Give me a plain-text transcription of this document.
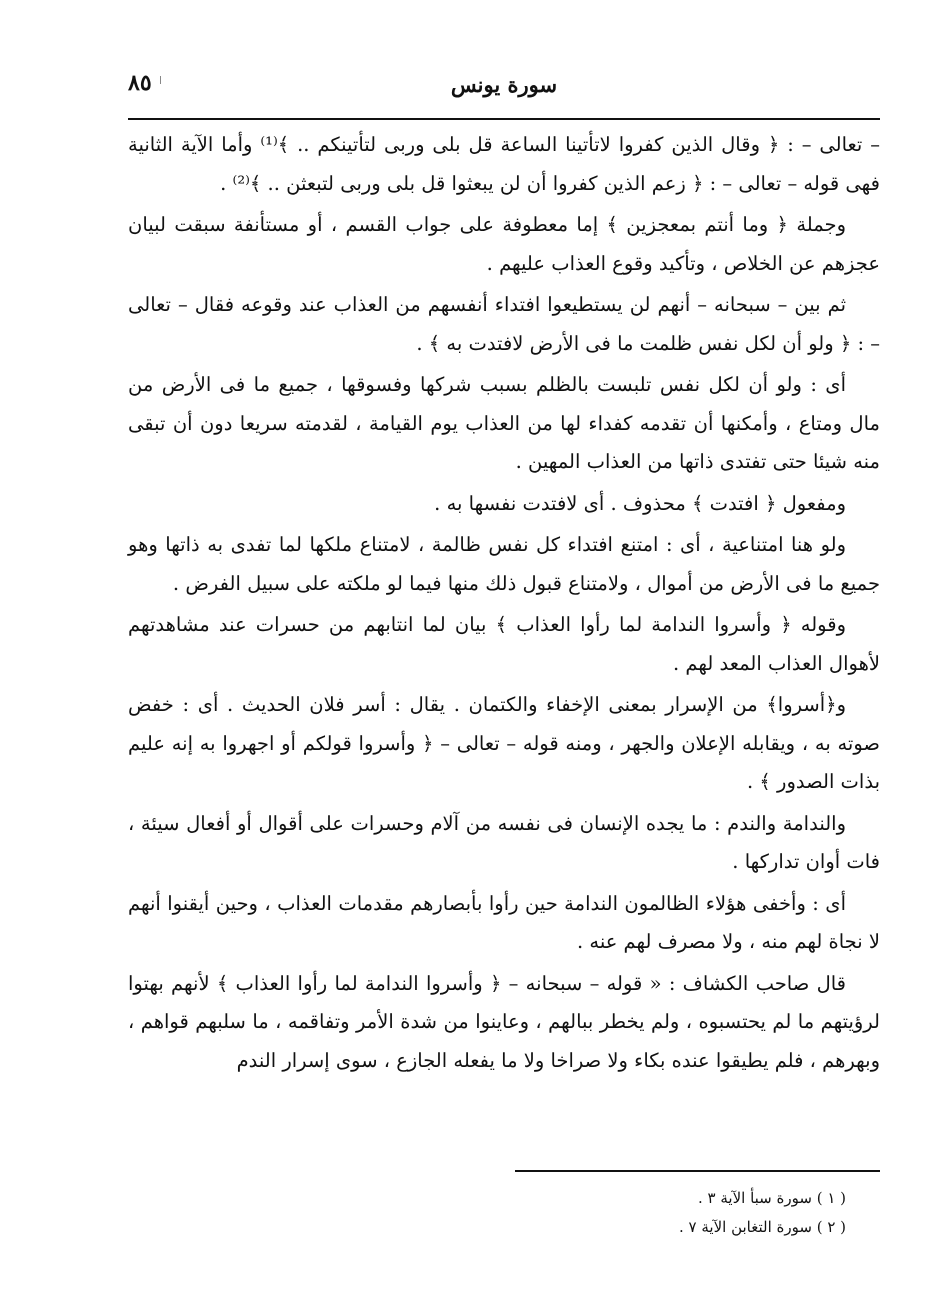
٨٥	سورة يونس

– تعالى – : ﴿ وقال الذين كفروا لاتأتينا الساعة قل بلى وربى لتأتينكم .. ﴾⁽¹⁾ وأما الآية الثانية فهى قوله – تعالى – : ﴿ زعم الذين كفروا أن لن يبعثوا قل بلى وربى لتبعثن .. ﴾⁽²⁾ .

وجملة ﴿ وما أنتم بمعجزين ﴾ إما معطوفة على جواب القسم ، أو مستأنفة سبقت لبيان عجزهم عن الخلاص ، وتأكيد وقوع العذاب عليهم .

ثم بين – سبحانه – أنهم لن يستطيعوا افتداء أنفسهم من العذاب عند وقوعه فقال – تعالى – : ﴿ ولو أن لكل نفس ظلمت ما فى الأرض لافتدت به ﴾ .

أى : ولو أن لكل نفس تلبست بالظلم بسبب شركها وفسوقها ، جميع ما فى الأرض من مال ومتاع ، وأمكنها أن تقدمه كفداء لها من العذاب يوم القيامة ، لقدمته سريعا دون أن تبقى منه شيئا حتى تفتدى ذاتها من العذاب المهين .

ومفعول ﴿ افتدت ﴾ محذوف . أى لافتدت نفسها به .

ولو هنا امتناعية ، أى : امتنع افتداء كل نفس ظالمة ، لامتناع ملكها لما تفدى به ذاتها وهو جميع ما فى الأرض من أموال ، ولامتناع قبول ذلك منها فيما لو ملكته على سبيل الفرض .

وقوله ﴿ وأسروا الندامة لما رأوا العذاب ﴾ بيان لما انتابهم من حسرات عند مشاهدتهم لأهوال العذاب المعد لهم .

و﴿أسروا﴾ من الإسرار بمعنى الإخفاء والكتمان . يقال : أسر فلان الحديث . أى : خفض صوته به ، ويقابله الإعلان والجهر ، ومنه قوله – تعالى – ﴿ وأسروا قولكم أو اجهروا به إنه عليم بذات الصدور ﴾ .

والندامة والندم : ما يجده الإنسان فى نفسه من آلام وحسرات على أقوال أو أفعال سيئة ، فات أوان تداركها .

أى : وأخفى هؤلاء الظالمون الندامة حين رأوا بأبصارهم مقدمات العذاب ، وحين أيقنوا أنهم لا نجاة لهم منه ، ولا مصرف لهم عنه .

قال صاحب الكشاف : « قوله – سبحانه – ﴿ وأسروا الندامة لما رأوا العذاب ﴾ لأنهم بهتوا لرؤيتهم ما لم يحتسبوه ، ولم يخطر ببالهم ، وعاينوا من شدة الأمر وتفاقمه ، ما سلبهم قواهم ، وبهرهم ، فلم يطيقوا عنده بكاء ولا صراخا ولا ما يفعله الجازع ، سوى إسرار الندم

( ١ ) سورة سبأ الآية ٣ .

( ٢ ) سورة التغابن الآية ٧ .
